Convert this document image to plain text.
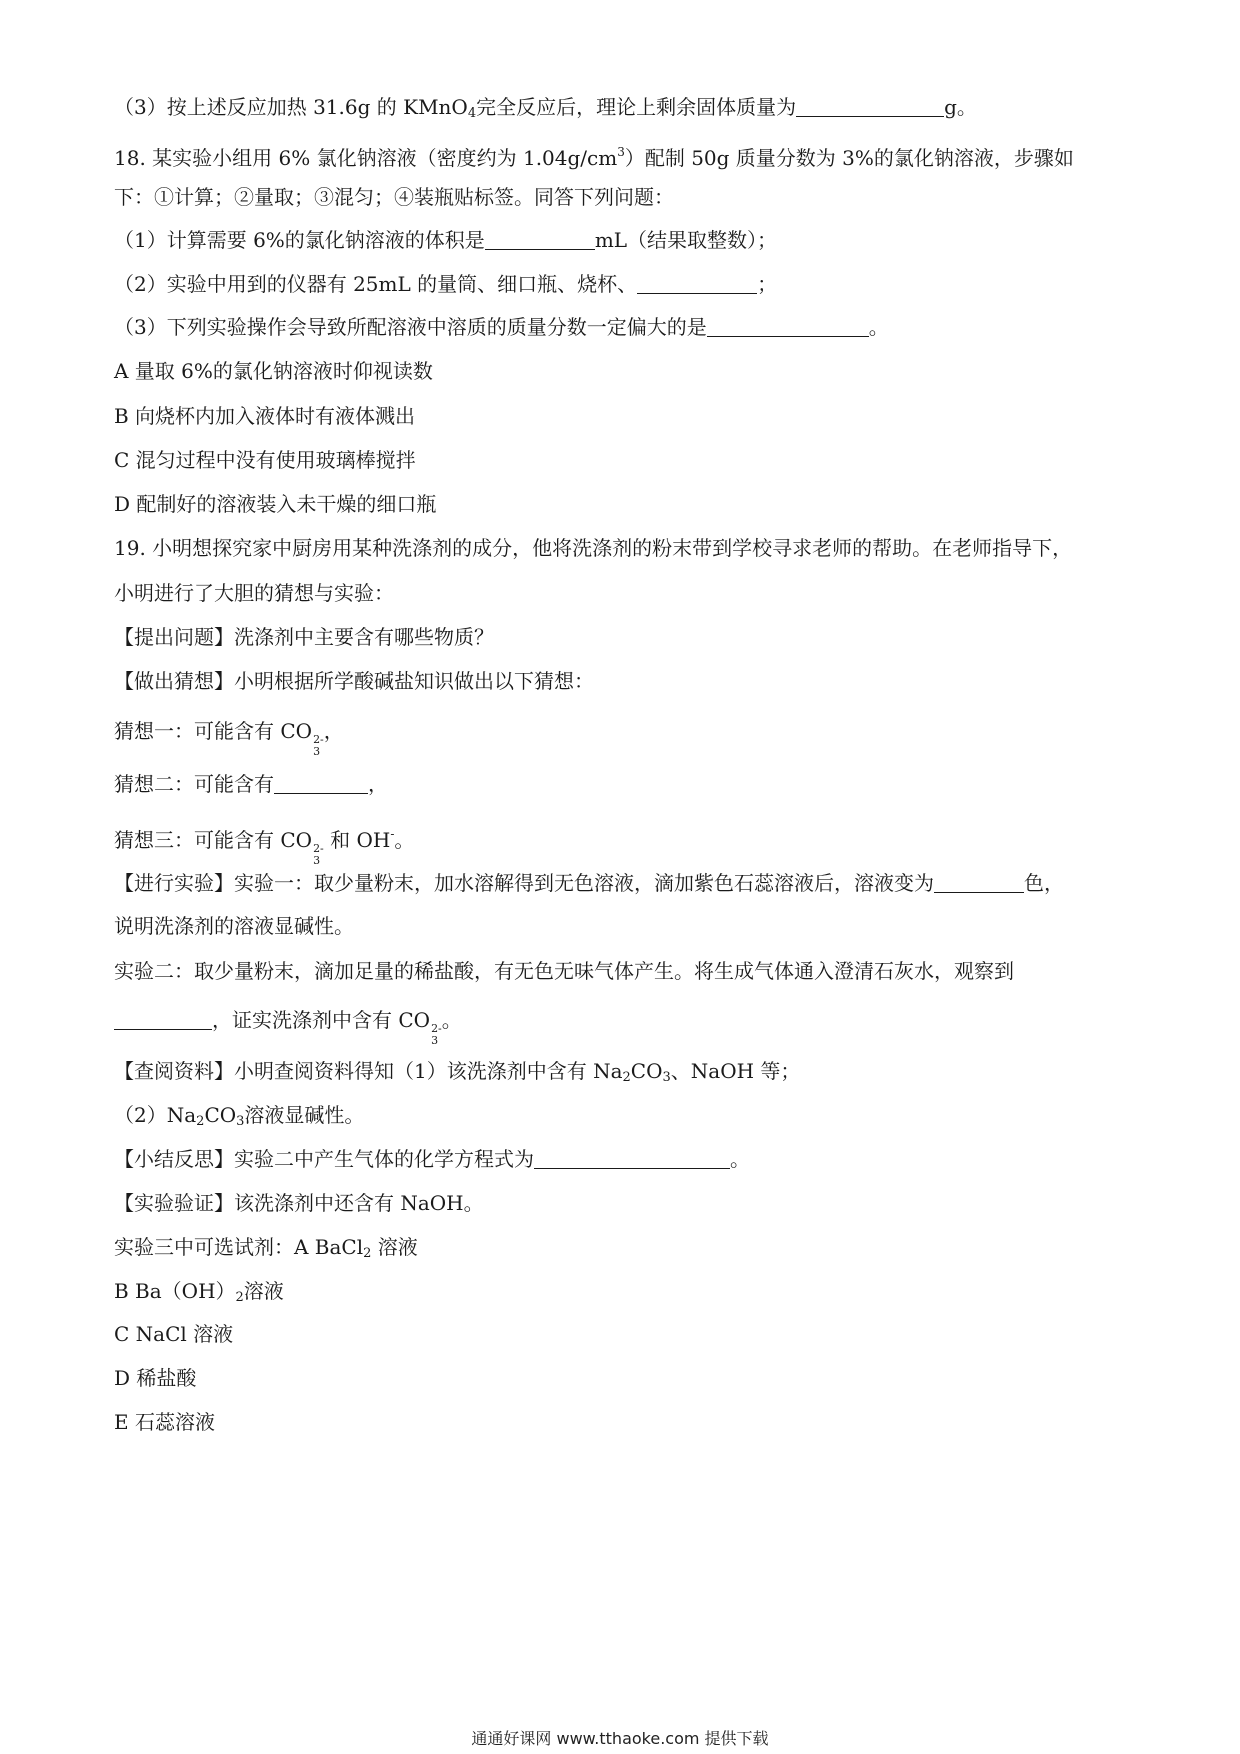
（3）按上述反应加热 31.6g 的 KMnO$_4$完全反应后，理论上剩余固体质量为	g。
18. 某实验小组用 6% 氯化钠溶液（密度约为 $1.04g/cm^3$）配制 50g 质量分数为 3%的氯化钠溶液，步骤如
下：①计算；②量取；③混匀；④装瓶贴标签。同答下列问题：
（1）计算需要 6%的氯化钠溶液的体积是	mL（结果取整数）；
（2）实验中用到的仪器有 25mL 的量筒、细口瓶、烧杯、	；
（3）下列实验操作会导致所配溶液中溶质的质量分数一定偏大的是	。
A 量取 6%的氯化钠溶液时仰视读数
B 向烧杯内加入液体时有液体溅出
C 混匀过程中没有使用玻璃棒搅拌
D 配制好的溶液装入未干燥的细口瓶
19. 小明想探究家中厨房用某种洗涤剂的成分，他将洗涤剂的粉末带到学校寻求老师的帮助。在老师指导下，
小明进行了大胆的猜想与实验：
【提出问题】洗涤剂中主要含有哪些物质？
【做出猜想】小明根据所学酸碱盐知识做出以下猜想：
猜想一：可能含有 CO 2-
3
，
猜想二：可能含有	，
猜想三：可能含有 CO 2-
3
和 OH-。
【进行实验】实验一：取少量粉末，加水溶解得到无色溶液，滴加紫色石蕊溶液后，溶液变为	色，
说明洗涤剂的溶液显碱性。
实验二：取少量粉末，滴加足量的稀盐酸，有无色无味气体产生。将生成气体通入澄清石灰水，观察到
，证实洗涤剂中含有 CO 2-
3
。
【查阅资料】小明查阅资料得知（1）该洗涤剂中含有 $Na_2CO_3$、NaOH 等；
$(2)Na_2CO_3$溶液显碱性。
【小结反思】实验二中产生气体的化学方程式为	。
【实验验证】该洗涤剂中还含有 NaOH。
实验三中可选试剂：A BaCl$_2$ 溶液
B $Ba(OH)_2$溶液
C NaCl 溶液
D 稀盐酸
E 石蕊溶液
通通好课网 www.tthaoke.com 提供下载
